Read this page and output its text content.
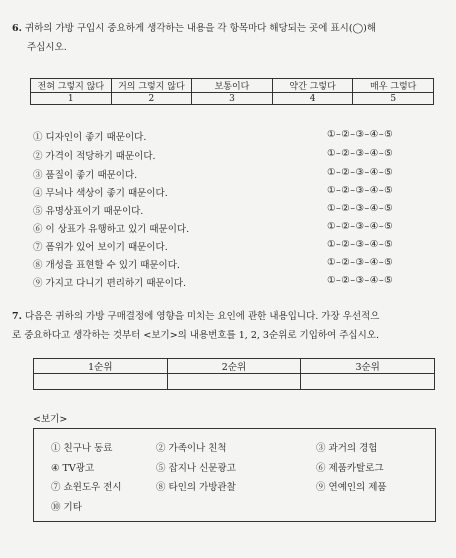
6. 귀하의 가방 구입시 중요하게 생각하는 내용을 각 항목마다 해당되는 곳에 표시(◯)해
주십시오.
전혀 그렇지 않다	거의 그렇지 않다	보통이다	약간 그렇다	매우 그렇다
1	2	3	4	5
① 디자인이 좋기 때문이다.	①–②–③–④–⑤
② 가격이 적당하기 때문이다.	①–②–③–④–⑤
③ 품질이 좋기 때문이다.	①–②–③–④–⑤
④ 무늬나 색상이 좋기 때문이다.	①–②–③–④–⑤
⑤ 유명상표이기 때문이다.	①–②–③–④–⑤
⑥ 이 상표가 유행하고 있기 때문이다.	①–②–③–④–⑤
⑦ 폼위가 있어 보이기 때문이다.	①–②–③–④–⑤
⑧ 개성을 표현할 수 있기 때문이다.	①–②–③–④–⑤
⑨ 가지고 다니기 편리하기 때문이다.	①–②–③–④–⑤
7. 다음은 귀하의 가방 구매결정에 영향을 미치는 요인에 관한 내용입니다. 가장 우선적으
로 중요하다고 생각하는 것부터 <보기>의 내용번호를 1, 2, 3순위로 기입하여 주십시오.
1순위	2순위	3순위

<보기>
① 친구나 동료	② 가족이나 친척	③ 과거의 경험
④ TV광고	⑤ 잡지나 신문광고	⑥ 제품카탈로그
⑦ 쇼윈도우 전시	⑧ 타인의 가방관찰	⑨ 연예인의 제품
⑩ 기타
